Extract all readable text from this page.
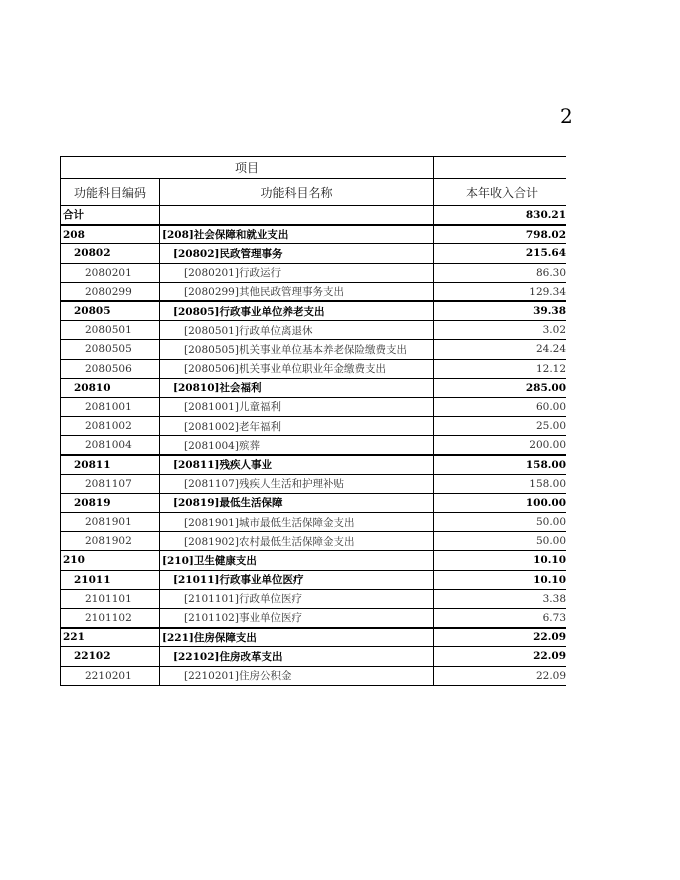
2
项目		
功能科目编码	功能科目名称	本年收入合计
合计		830.21
208	[208]社会保障和就业支出	798.02
20802	[20802]民政管理事务	215.64
2080201	[2080201]行政运行	86.30
2080299	[2080299]其他民政管理事务支出	129.34
20805	[20805]行政事业单位养老支出	39.38
2080501	[2080501]行政单位离退休	3.02
2080505	[2080505]机关事业单位基本养老保险缴费支出	24.24
2080506	[2080506]机关事业单位职业年金缴费支出	12.12
20810	[20810]社会福利	285.00
2081001	[2081001]儿童福利	60.00
2081002	[2081002]老年福利	25.00
2081004	[2081004]殡葬	200.00
20811	[20811]残疾人事业	158.00
2081107	[2081107]残疾人生活和护理补贴	158.00
20819	[20819]最低生活保障	100.00
2081901	[2081901]城市最低生活保障金支出	50.00
2081902	[2081902]农村最低生活保障金支出	50.00
210	[210]卫生健康支出	10.10
21011	[21011]行政事业单位医疗	10.10
2101101	[2101101]行政单位医疗	3.38
2101102	[2101102]事业单位医疗	6.73
221	[221]住房保障支出	22.09
22102	[22102]住房改革支出	22.09
2210201	[2210201]住房公积金	22.09
